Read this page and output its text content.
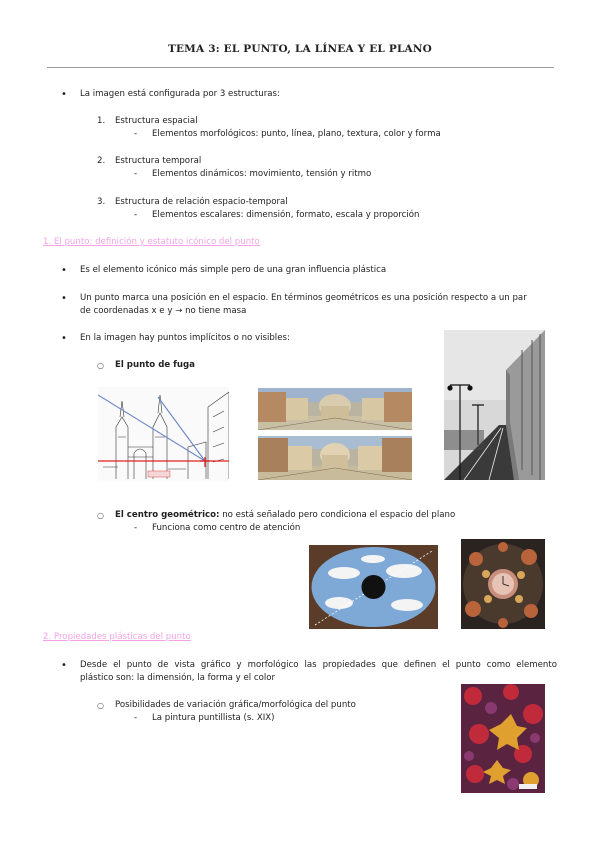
TEMA 3: EL PUNTO, LA LÍNEA Y EL PLANO
• La imagen está configurada por 3 estructuras:
1. Estructura espacial
- Elementos morfológicos: punto, línea, plano, textura, color y forma
2. Estructura temporal
- Elementos dinámicos: movimiento, tensión y ritmo
3. Estructura de relación espacio-temporal
- Elementos escalares: dimensión, formato, escala y proporción
1. El punto: definición y estatuto icónico del punto
• Es el elemento icónico más simple pero de una gran influencia plástica
• Un punto marca una posición en el espacio. En términos geométricos es una posición respecto a un par
de coordenadas x e y → no tiene masa
• En la imagen hay puntos implícitos o no visibles:
○ El punto de fuga
○ El centro geométrico: no está señalado pero condiciona el espacio del plano
- Funciona como centro de atención
2. Propiedades plásticas del punto
• Desde el punto de vista gráfico y morfológico las propiedades que definen el punto como elemento
plástico son: la dimensión, la forma y el color
○ Posibilidades de variación gráfica/morfológica del punto
- La pintura puntillista (s. XIX)
